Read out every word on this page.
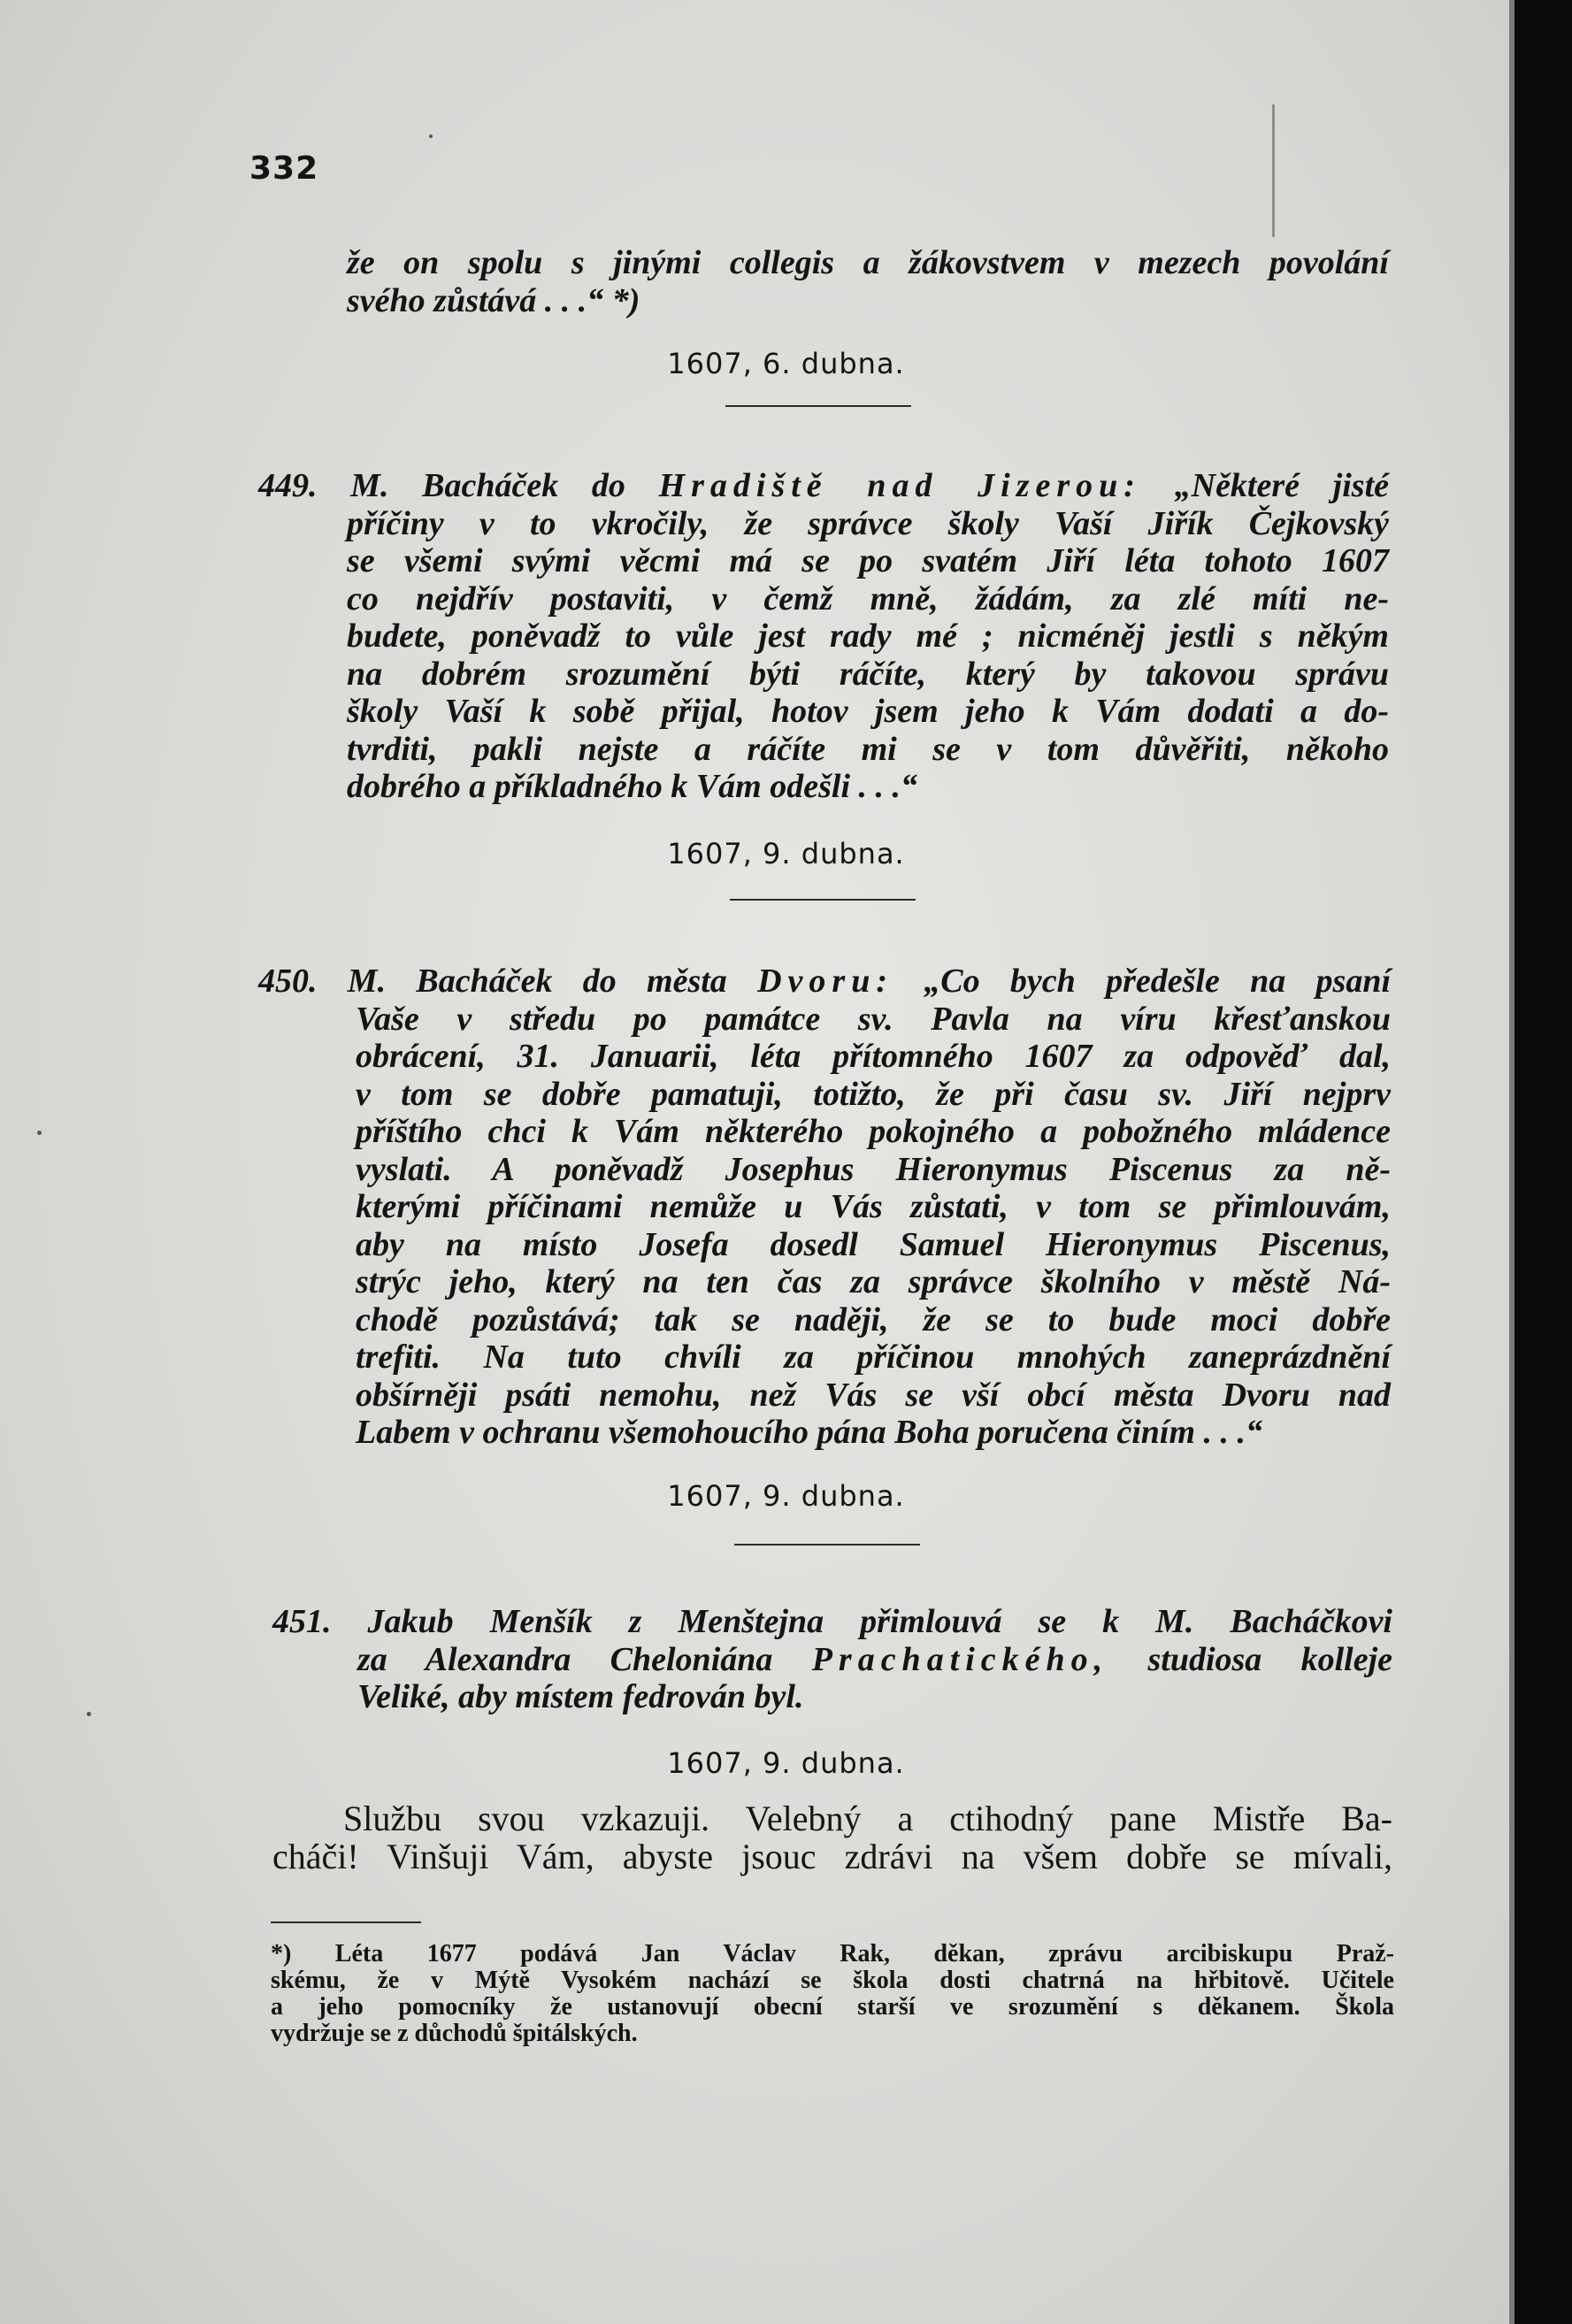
332
že on spolu s jinými collegis a žákovstvem v mezech povolání
svého zůstává . . .“ *)
1607, 6. dubna.
449. M. Bacháček do Hradiště nad Jizerou: „Některé jisté
příčiny v to vkročily, že správce školy Vaší Jiřík Čejkovský
se všemi svými věcmi má se po svatém Jiří léta tohoto 1607
co nejdřív postaviti, v čemž mně, žádám, za zlé míti ne-
budete, poněvadž to vůle jest rady mé ; nicméněj jestli s někým
na dobrém srozumění býti ráčíte, který by takovou správu
školy Vaší k sobě přijal, hotov jsem jeho k Vám dodati a do-
tvrditi, pakli nejste a ráčíte mi se v tom důvěřiti, někoho
dobrého a příkladného k Vám odešli . . .“
1607, 9. dubna.
450. M. Bacháček do města Dvoru: „Co bych předešle na psaní
Vaše v středu po památce sv. Pavla na víru křesťanskou
obrácení, 31. Januarii, léta přítomného 1607 za odpověď dal,
v tom se dobře pamatuji, totižto, že při času sv. Jiří nejprv
příštího chci k Vám některého pokojného a pobožného mládence
vyslati. A poněvadž Josephus Hieronymus Piscenus za ně-
kterými příčinami nemůže u Vás zůstati, v tom se přimlouvám,
aby na místo Josefa dosedl Samuel Hieronymus Piscenus,
strýc jeho, který na ten čas za správce školního v městě Ná-
chodě pozůstává; tak se naději, že se to bude moci dobře
trefiti. Na tuto chvíli za příčinou mnohých zaneprázdnění
obšírněji psáti nemohu, než Vás se vší obcí města Dvoru nad
Labem v ochranu všemohoucího pána Boha poručena činím . . .“
1607, 9. dubna.
451. Jakub Menšík z Menštejna přimlouvá se k M. Bacháčkovi
za Alexandra Cheloniána Prachatického, studiosa kolleje
Veliké, aby místem fedrován byl.
1607, 9. dubna.
Službu svou vzkazuji. Velebný a ctihodný pane Mistře Ba-
cháči! Vinšuji Vám, abyste jsouc zdrávi na všem dobře se mívali,
*) Léta 1677 podává Jan Václav Rak, děkan, zprávu arcibiskupu Praž-
skému, že v Mýtě Vysokém nachází se škola dosti chatrná na hřbitově. Učitele
a jeho pomocníky že ustanovují obecní starší ve srozumění s děkanem. Škola
vydržuje se z důchodů špitálských.
